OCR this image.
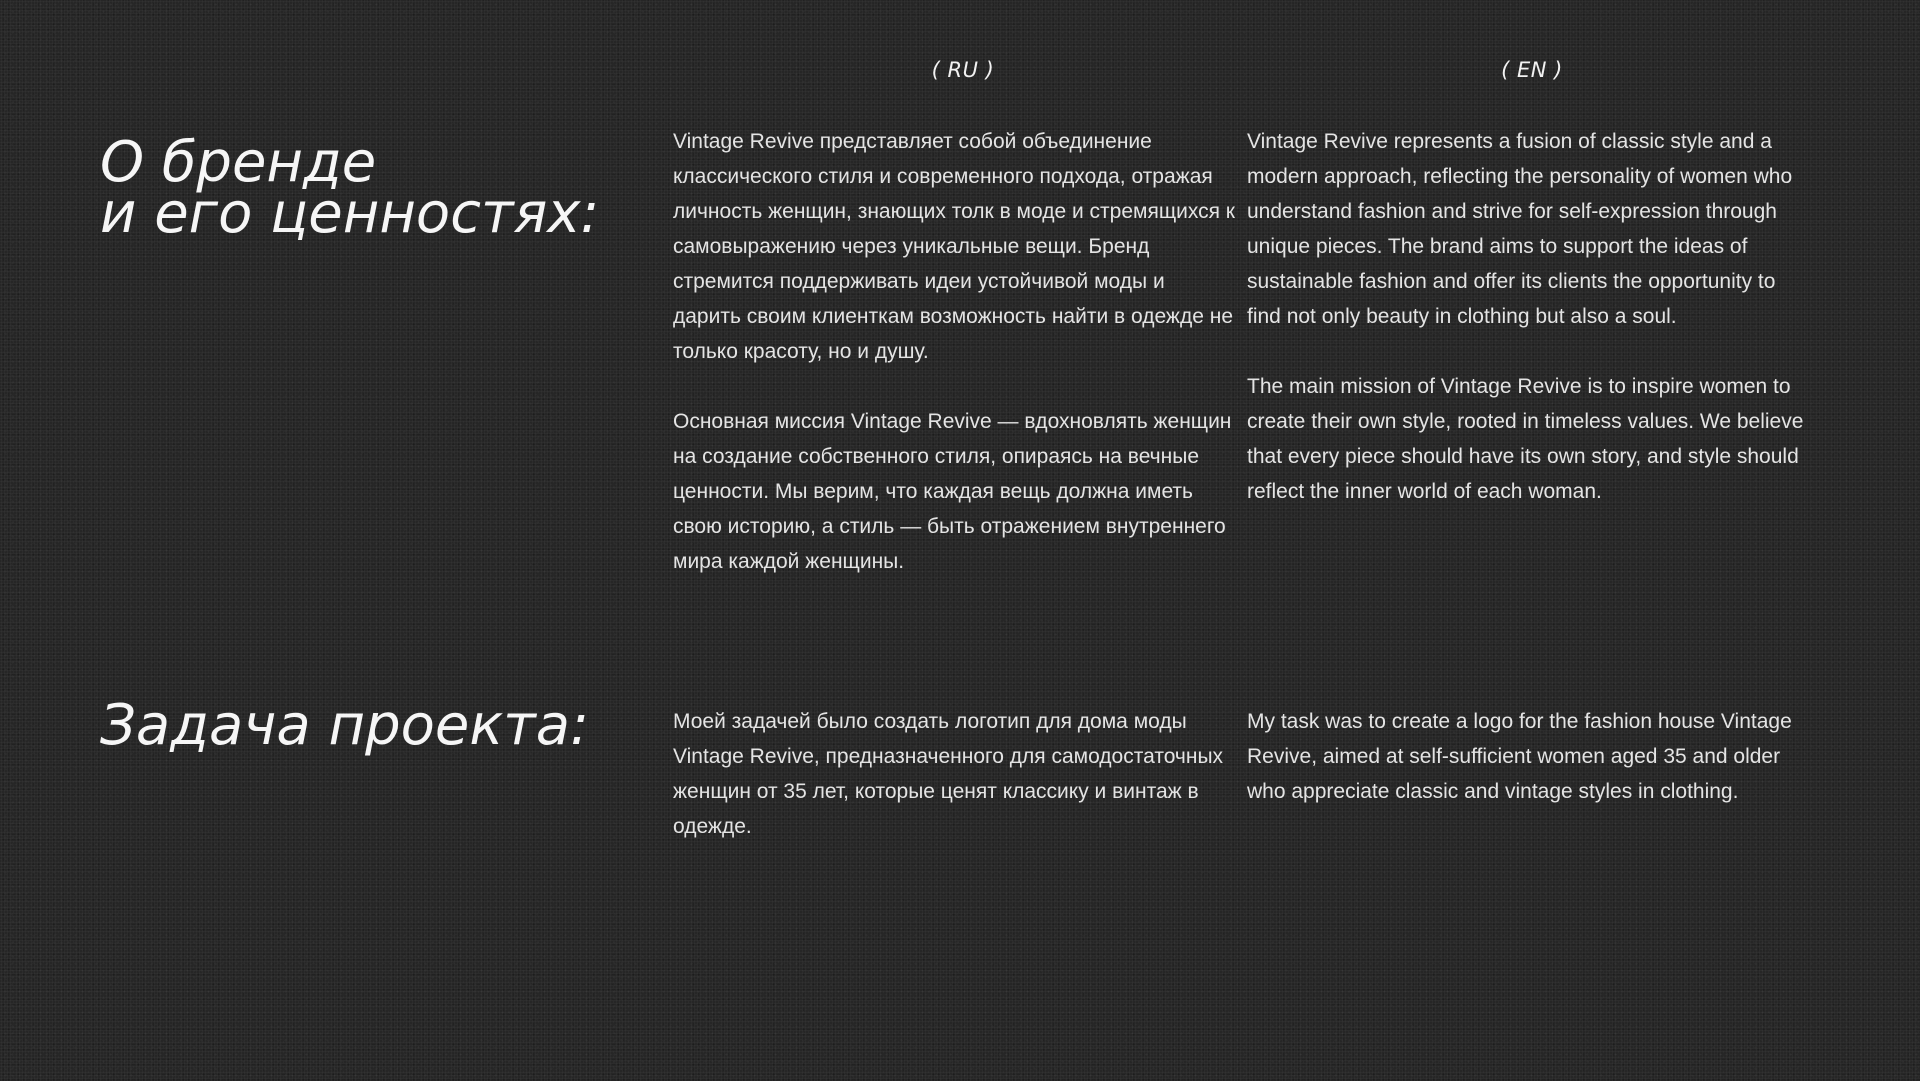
( RU )	( EN )
О бренде
и его ценностях:

Vintage Revive представляет собой объединение классического стиля и современного подхода, отражая личность женщин, знающих толк в моде и стремящихся к самовыражению через уникальные вещи. Бренд стремится поддерживать идеи устойчивой моды и дарить своим клиенткам возможность найти в одежде не только красоту, но и душу.

Основная миссия Vintage Revive — вдохновлять женщин на создание собственного стиля, опираясь на вечные ценности. Мы верим, что каждая вещь должна иметь свою историю, а стиль — быть отражением внутреннего мира каждой женщины.

Vintage Revive represents a fusion of classic style and a modern approach, reflecting the personality of women who understand fashion and strive for self-expression through unique pieces. The brand aims to support the ideas of sustainable fashion and offer its clients the opportunity to find not only beauty in clothing but also a soul.

The main mission of Vintage Revive is to inspire women to create their own style, rooted in timeless values. We believe that every piece should have its own story, and style should reflect the inner world of each woman.

Задача проекта:	Моей задачей было создать логотип для дома моды Vintage Revive, предназначенного для самодостаточных женщин от 35 лет, которые ценят классику и винтаж в одежде.

My task was to create a logo for the fashion house Vintage Revive, aimed at self-sufficient women aged 35 and older who appreciate classic and vintage styles in clothing.
